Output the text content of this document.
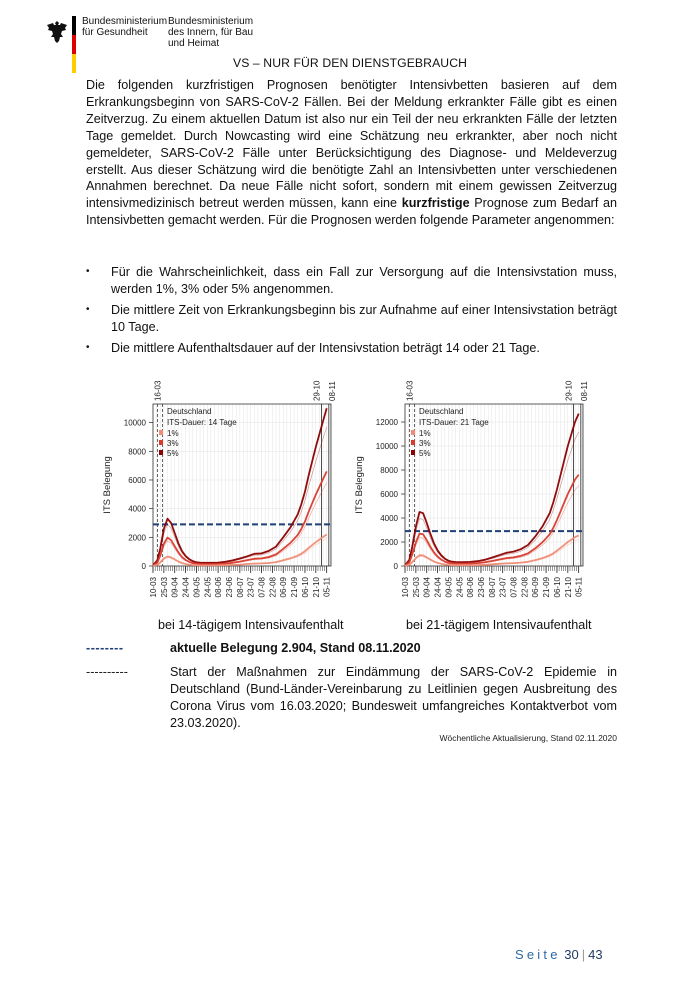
Bundesministerium
für Gesundheit
Bundesministerium
des Innern, für Bau
und Heimat
VS – NUR FÜR DEN DIENSTGEBRAUCH
Die folgenden kurzfristigen Prognosen benötigter Intensivbetten basieren auf dem Erkrankungsbeginn von SARS-CoV-2 Fällen. Bei der Meldung erkrankter Fälle gibt es einen Zeitverzug. Zu einem aktuellen Datum ist also nur ein Teil der neu erkrankten Fälle der letzten Tage gemeldet. Durch Nowcasting wird eine Schätzung neu erkrankter, aber noch nicht gemeldeter, SARS-CoV-2 Fälle unter Berücksichtigung des Diagnose- und Meldeverzug erstellt. Aus dieser Schätzung wird die benötigte Zahl an Intensivbetten unter verschiedenen Annahmen berechnet. Da neue Fälle nicht sofort, sondern mit einem gewissen Zeitverzug intensivmedizinisch betreut werden müssen, kann eine kurzfristige Prognose zum Bedarf an Intensivbetten gemacht werden. Für die Prognosen werden folgende Parameter angenommen:
• Für die Wahrscheinlichkeit, dass ein Fall zur Versorgung auf die Intensivstation muss, werden 1%, 3% oder 5% angenommen.
• Die mittlere Zeit von Erkrankungsbeginn bis zur Aufnahme auf einer Intensivstation beträgt 10 Tage.
• Die mittlere Aufenthaltsdauer auf der Intensivstation beträgt 14 oder 21 Tage.
0
2000
4000
6000
8000
10000
ITS Belegung
10-03 25-03 09-04 24-04 09-05 24-05 08-06 23-06 08-07 23-07 07-08 22-08 06-09 21-09 06-10 21-10 05-11
16-03	29-10 08-11
Deutschland
ITS-Dauer: 14 Tage
1%
3%
5%
0
2000
4000
6000
8000
10000
12000
ITS Belegung
10-03 25-03 09-04 24-04 09-05 24-05 08-06 23-06 08-07 23-07 07-08 22-08 06-09 21-09 06-10 21-10 05-11
16-03	29-10 08-11
Deutschland
ITS-Dauer: 21 Tage
1%
3%
5%
bei 14-tägigem Intensivaufenthalt	bei 21-tägigem Intensivaufenthalt
--------	aktuelle Belegung 2.904, Stand 08.11.2020
----------	Start der Maßnahmen zur Eindämmung der SARS-CoV-2 Epidemie in Deutschland (Bund-Länder-Vereinbarung zu Leitlinien gegen Ausbreitung des Corona Virus vom 16.03.2020; Bundesweit umfangreiches Kontaktverbot vom 23.03.2020).
Wöchentliche Aktualisierung, Stand 02.11.2020
Seite 30 | 43
